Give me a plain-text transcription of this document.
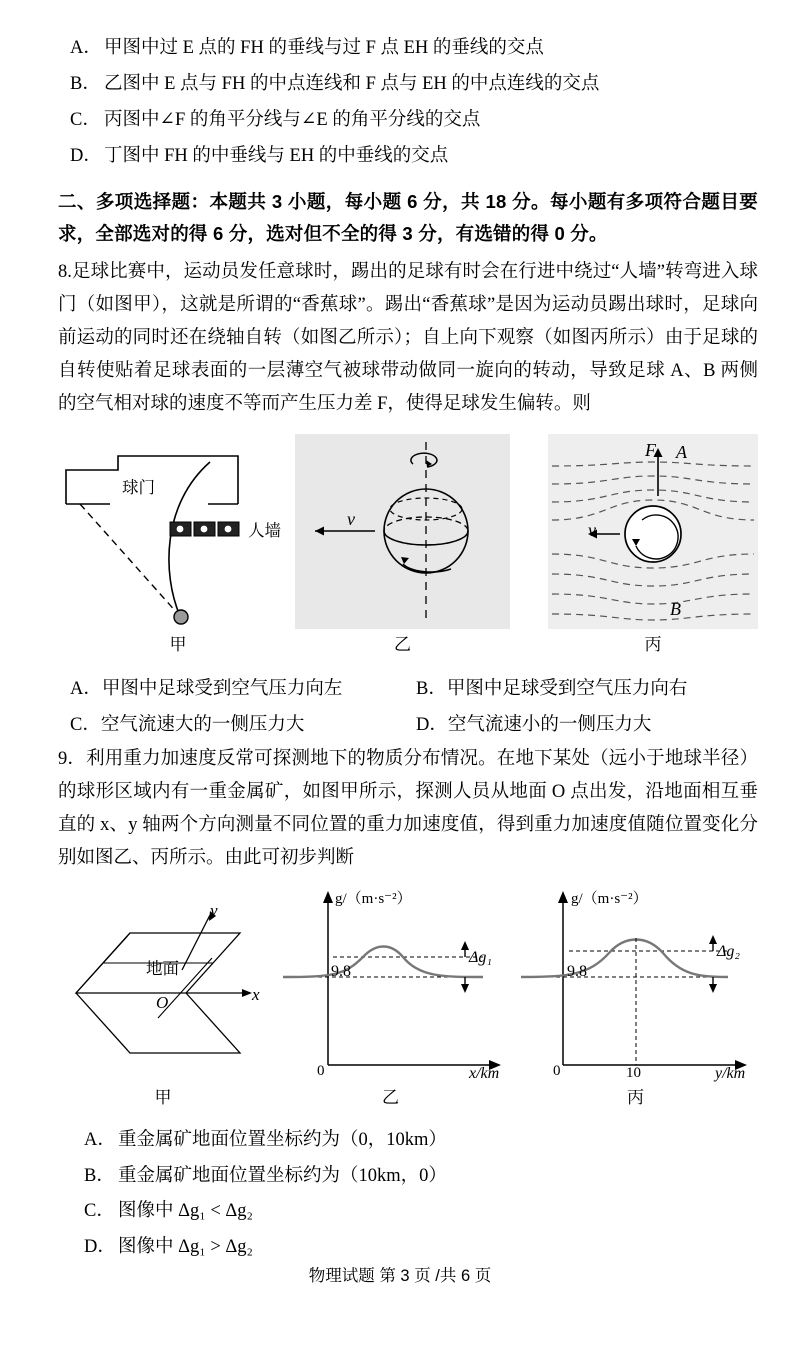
A． 甲图中过 E 点的 FH 的垂线与过 F 点 EH 的垂线的交点
B． 乙图中 E 点与 FH 的中点连线和 F 点与 EH 的中点连线的交点
C． 丙图中∠F 的角平分线与∠E 的角平分线的交点
D． 丁图中 FH 的中垂线与 EH 的中垂线的交点
二、多项选择题：本题共 3 小题，每小题 6 分，共 18 分。每小题有多项符合题目要求，全部选对的得 6 分，选对但不全的得 3 分，有选错的得 0 分。
8.足球比赛中，运动员发任意球时，踢出的足球有时会在行进中绕过“人墙”转弯进入球门（如图甲），这就是所谓的“香蕉球”。踢出“香蕉球”是因为运动员踢出球时，足球向前运动的同时还在绕轴自转（如图乙所示）；自上向下观察（如图丙所示）由于足球的自转使贴着足球表面的一层薄空气被球带动做同一旋向的转动，导致足球 A、B 两侧的空气相对球的速度不等而产生压力差 F，使得足球发生偏转。则
球门
人墙
v
F A
v
B
甲	乙	丙
A．甲图中足球受到空气压力向左	B．甲图中足球受到空气压力向右
C．空气流速大的一侧压力大	D．空气流速小的一侧压力大
9．利用重力加速度反常可探测地下的物质分布情况。在地下某处（远小于地球半径）的球形区域内有一重金属矿，如图甲所示，探测人员从地面 O 点出发，沿地面相互垂直的 x、y 轴两个方向测量不同位置的重力加速度值，得到重力加速度值随位置变化分别如图乙、丙所示。由此可初步判断
y
x
地面
O
g/（m·s⁻²）
9.8
Δg₁
0	x/km
g/（m·s⁻²）
9.8
Δg₂
0	10	y/km
甲	乙	丙
A． 重金属矿地面位置坐标约为（0，10km）
B． 重金属矿地面位置坐标约为（10km，0）
C． 图像中 Δg₁ < Δg₂
D． 图像中 Δg₁ > Δg₂
物理试题 第 3 页 /共 6 页
